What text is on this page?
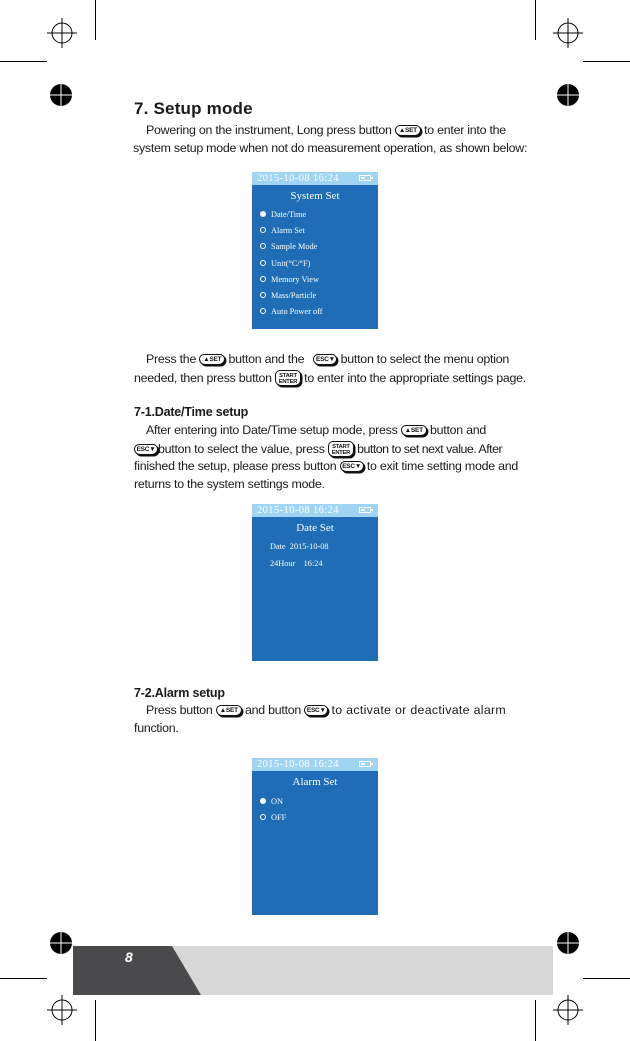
7. Setup mode
Powering on the instrument, Long press button ▲SET to enter into the
system setup mode when not do measurement operation, as shown below:
2015-10-08 16:24
System Set
Date/Time
Alarm Set
Sample Mode
Unit(°C/°F)
Memory View
Mass/Particle
Auto Power off
Press the ▲SET button and the ESC▼ button to select the menu option
needed, then press button START
ENTER to enter into the appropriate settings page.
7-1.Date/Time setup
After entering into Date/Time setup mode, press ▲SET button and
ESC▼ button to select the value, press START
ENTER button to set next value. After
finished the setup, please press button ESC▼ to exit time setting mode and
returns to the system settings mode.
2015-10-08 16:24
Date Set
Date  2015-10-08
24Hour    16:24
7-2.Alarm setup
Press button ▲SET and button ESC▼ to activate or deactivate alarm
function.
2015-10-08 16:24
Alarm Set
ON
OFF
8
